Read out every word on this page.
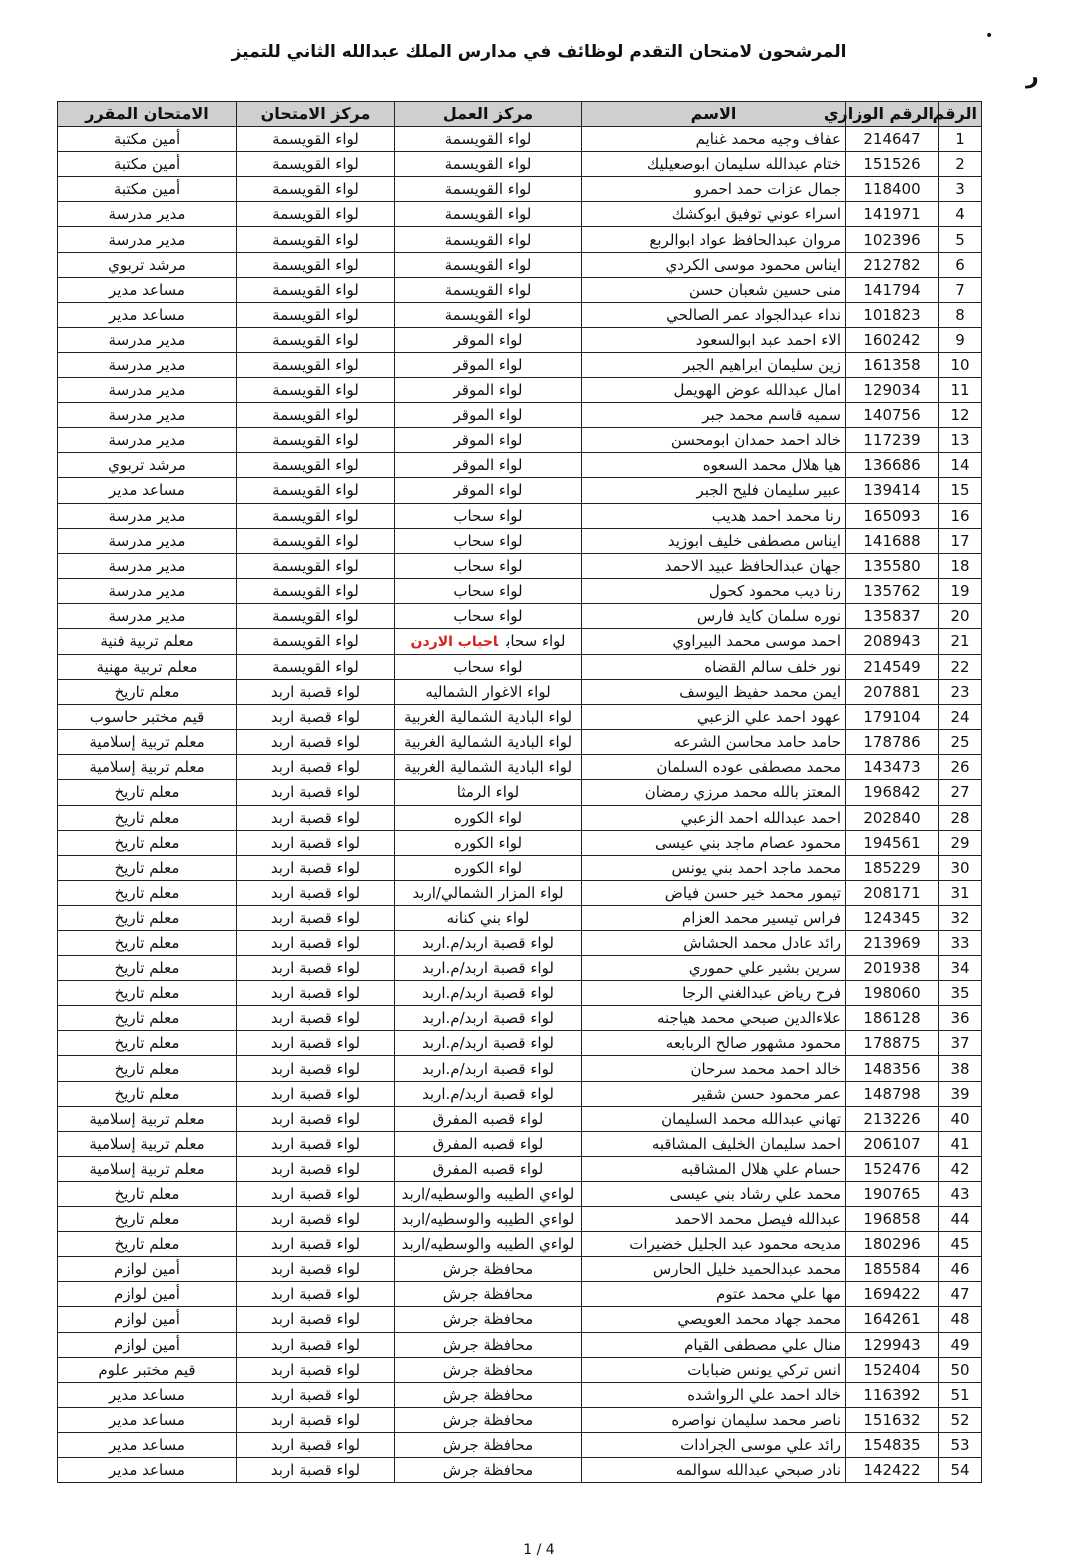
المرشحون لامتحان التقدم لوظائف في مدارس الملك عبدالله الثاني للتميز
•
ر
الرقم	الرقم الوزاري	الاسم	مركز العمل	مركز الامتحان	الامتحان المقرر
1	214647	عفاف وجيه محمد غنايم	لواء القويسمة	لواء القويسمة	أمين مكتبة
2	151526	ختام عبدالله سليمان ابوصعيليك	لواء القويسمة	لواء القويسمة	أمين مكتبة
3	118400	جمال عزات حمد احمرو	لواء القويسمة	لواء القويسمة	أمين مكتبة
4	141971	اسراء عوني توفيق ابوكشك	لواء القويسمة	لواء القويسمة	مدير مدرسة
5	102396	مروان عبدالحافظ عواد ابوالربع	لواء القويسمة	لواء القويسمة	مدير مدرسة
6	212782	ايناس محمود موسى الكردي	لواء القويسمة	لواء القويسمة	مرشد تربوي
7	141794	منى حسين شعبان حسن	لواء القويسمة	لواء القويسمة	مساعد مدير
8	101823	نداء عبدالجواد عمر الصالحي	لواء القويسمة	لواء القويسمة	مساعد مدير
9	160242	الاء احمد عبد ابوالسعود	لواء الموقر	لواء القويسمة	مدير مدرسة
10	161358	زين سليمان ابراهيم الجبر	لواء الموقر	لواء القويسمة	مدير مدرسة
11	129034	امال عبدالله عوض الهويمل	لواء الموقر	لواء القويسمة	مدير مدرسة
12	140756	سميه قاسم محمد جبر	لواء الموقر	لواء القويسمة	مدير مدرسة
13	117239	خالد احمد حمدان ابومحسن	لواء الموقر	لواء القويسمة	مدير مدرسة
14	136686	هيا هلال محمد السعوه	لواء الموقر	لواء القويسمة	مرشد تربوي
15	139414	عبير سليمان فليح الجبر	لواء الموقر	لواء القويسمة	مساعد مدير
16	165093	رنا محمد احمد هديب	لواء سحاب	لواء القويسمة	مدير مدرسة
17	141688	ايناس مصطفى خليف ابوزيد	لواء سحاب	لواء القويسمة	مدير مدرسة
18	135580	جهان عبدالحافظ عبيد الاحمد	لواء سحاب	لواء القويسمة	مدير مدرسة
19	135762	رنا ديب محمود كحول	لواء سحاب	لواء القويسمة	مدير مدرسة
20	135837	نوره سلمان كايد فارس	لواء سحاب	لواء القويسمة	مدير مدرسة
21	208943	احمد موسى محمد البيراوي	لواء سحاباحباب الاردن	لواء القويسمة	معلم تربية فنية
22	214549	نور خلف سالم القضاه	لواء سحاب	لواء القويسمة	معلم تربية مهنية
23	207881	ايمن محمد حفيظ اليوسف	لواء الاغوار الشماليه	لواء قصبة اربد	معلم تاريخ
24	179104	عهود احمد علي الزعبي	لواء البادية الشمالية الغربية	لواء قصبة اربد	قيم مختبر حاسوب
25	178786	حامد حامد محاسن الشرعه	لواء البادية الشمالية الغربية	لواء قصبة اربد	معلم تربية إسلامية
26	143473	محمد مصطفى عوده السلمان	لواء البادية الشمالية الغربية	لواء قصبة اربد	معلم تربية إسلامية
27	196842	المعتز بالله محمد مرزي رمضان	لواء الرمثا	لواء قصبة اربد	معلم تاريخ
28	202840	احمد عبدالله احمد الزعبي	لواء الكوره	لواء قصبة اربد	معلم تاريخ
29	194561	محمود عصام ماجد بني عيسى	لواء الكوره	لواء قصبة اربد	معلم تاريخ
30	185229	محمد ماجد احمد بني يونس	لواء الكوره	لواء قصبة اربد	معلم تاريخ
31	208171	تيمور محمد خير حسن فياض	لواء المزار الشمالي/اربد	لواء قصبة اربد	معلم تاريخ
32	124345	فراس تيسير محمد العزام	لواء بني كنانه	لواء قصبة اربد	معلم تاريخ
33	213969	رائد عادل محمد الحشاش	لواء قصبة اربد/م.اربد	لواء قصبة اربد	معلم تاريخ
34	201938	سرين بشير علي حموري	لواء قصبة اربد/م.اربد	لواء قصبة اربد	معلم تاريخ
35	198060	فرح رياض عبدالغني الرجا	لواء قصبة اربد/م.اربد	لواء قصبة اربد	معلم تاريخ
36	186128	علاءالدين صبحي محمد هياجنه	لواء قصبة اربد/م.اربد	لواء قصبة اربد	معلم تاريخ
37	178875	محمود مشهور صالح الربابعه	لواء قصبة اربد/م.اربد	لواء قصبة اربد	معلم تاريخ
38	148356	خالد احمد محمد سرحان	لواء قصبة اربد/م.اربد	لواء قصبة اربد	معلم تاريخ
39	148798	عمر محمود حسن شقير	لواء قصبة اربد/م.اربد	لواء قصبة اربد	معلم تاريخ
40	213226	تهاني عبدالله محمد السليمان	لواء قصبه المفرق	لواء قصبة اربد	معلم تربية إسلامية
41	206107	احمد سليمان الخليف المشاقبه	لواء قصبه المفرق	لواء قصبة اربد	معلم تربية إسلامية
42	152476	حسام علي هلال المشاقبه	لواء قصبه المفرق	لواء قصبة اربد	معلم تربية إسلامية
43	190765	محمد علي رشاد بني عيسى	لواءي الطيبه والوسطيه/اربد	لواء قصبة اربد	معلم تاريخ
44	196858	عبدالله فيصل محمد الاحمد	لواءي الطيبه والوسطيه/اربد	لواء قصبة اربد	معلم تاريخ
45	180296	مديحه محمود عبد الجليل خضيرات	لواءي الطيبه والوسطيه/اربد	لواء قصبة اربد	معلم تاريخ
46	185584	محمد عبدالحميد خليل الحارس	محافظة جرش	لواء قصبة اربد	أمين لوازم
47	169422	مها علي محمد عتوم	محافظة جرش	لواء قصبة اربد	أمين لوازم
48	164261	محمد جهاد محمد العويصي	محافظة جرش	لواء قصبة اربد	أمين لوازم
49	129943	منال علي مصطفى القيام	محافظة جرش	لواء قصبة اربد	أمين لوازم
50	152404	انس تركي يونس ضبابات	محافظة جرش	لواء قصبة اربد	قيم مختبر علوم
51	116392	خالد احمد علي الرواشده	محافظة جرش	لواء قصبة اربد	مساعد مدير
52	151632	ناصر محمد سليمان نواصره	محافظة جرش	لواء قصبة اربد	مساعد مدير
53	154835	رائد علي موسى الجرادات	محافظة جرش	لواء قصبة اربد	مساعد مدير
54	142422	نادر صبحي عبدالله سوالمه	محافظة جرش	لواء قصبة اربد	مساعد مدير
1 / 4
